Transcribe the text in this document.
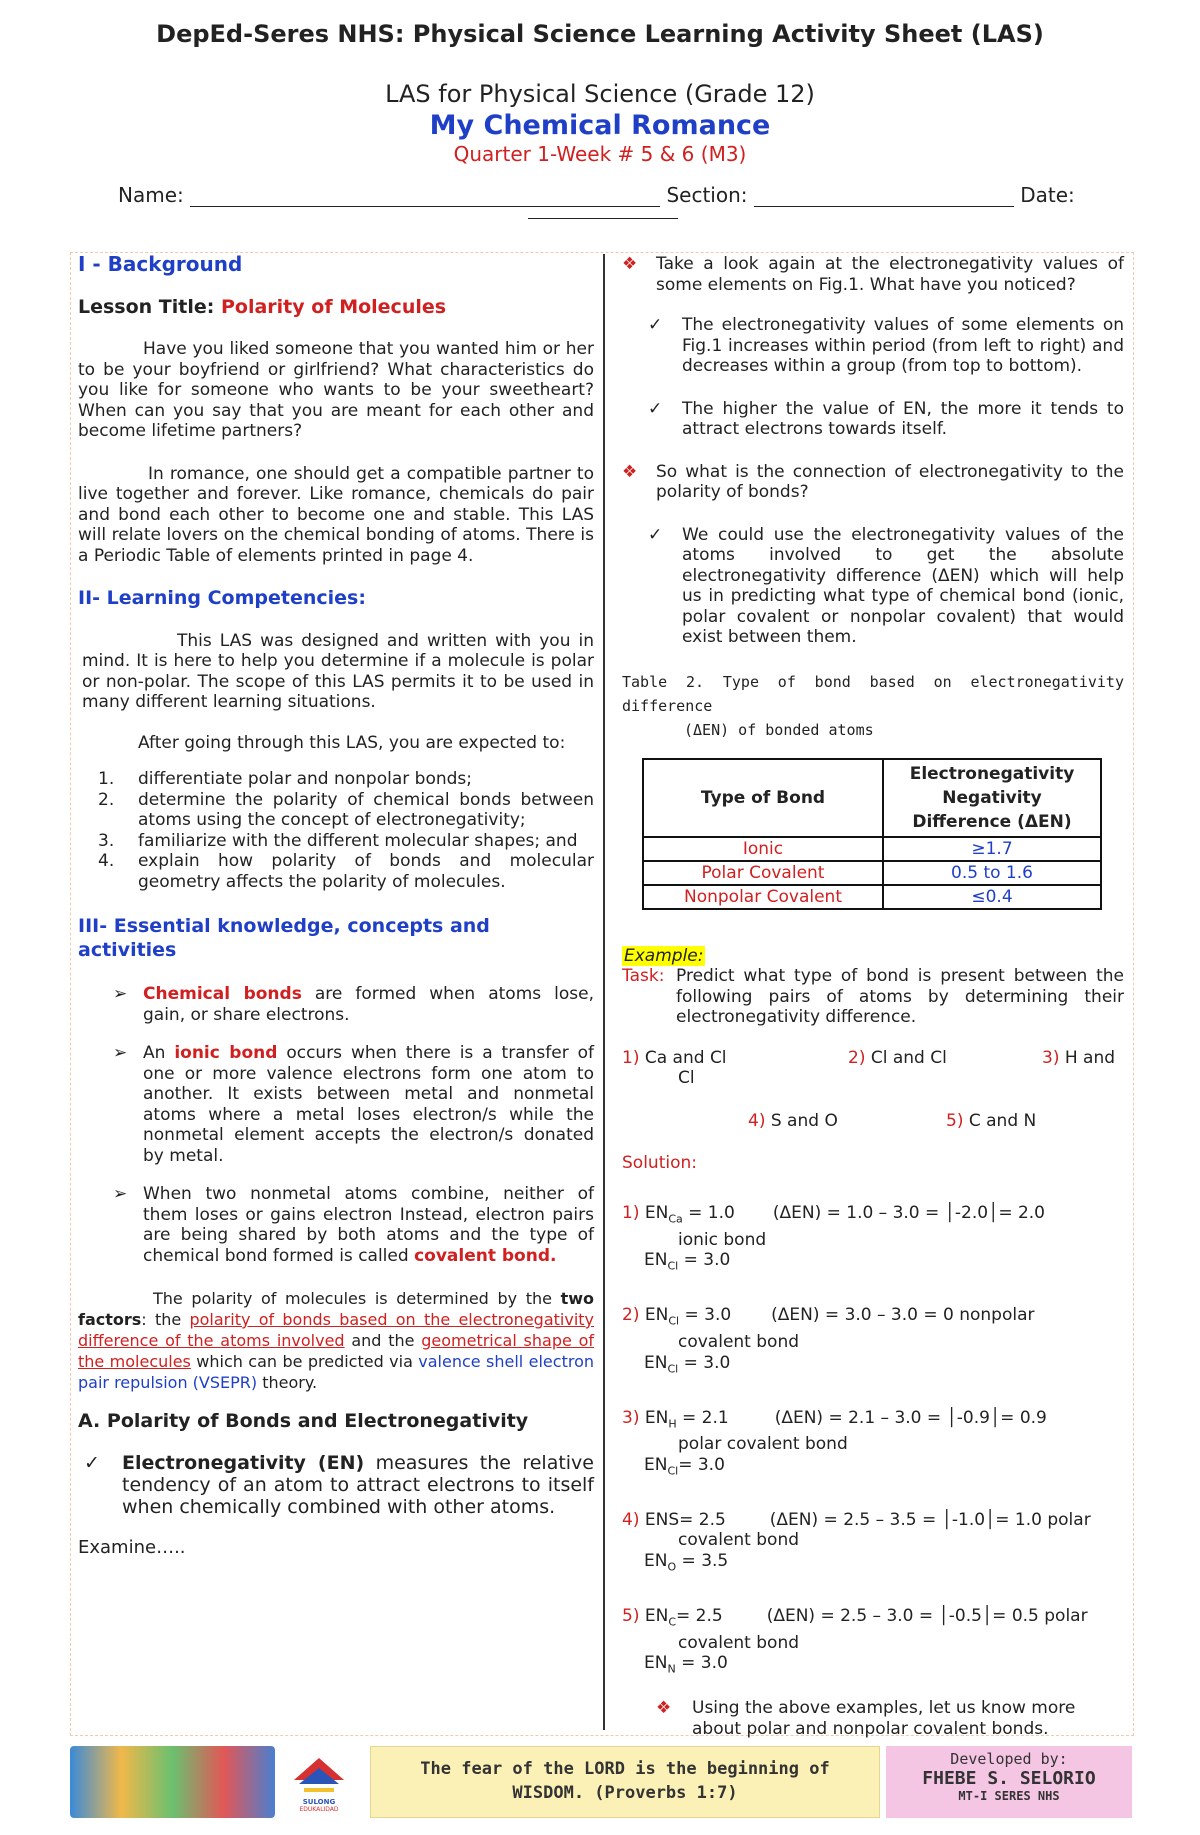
DepEd-Seres NHS: Physical Science Learning Activity Sheet (LAS)
LAS for Physical Science (Grade 12)
My Chemical Romance
Quarter 1-Week # 5 & 6 (M3)
Name:	Section:	Date:
I - Background
Lesson Title: Polarity of Molecules

Have you liked someone that you wanted him or her to be your boyfriend or girlfriend? What characteristics do you like for someone who wants to be your sweetheart? When can you say that you are meant for each other and become lifetime partners?

In romance, one should get a compatible partner to live together and forever. Like romance, chemicals do pair and bond each other to become one and stable. This LAS will relate lovers on the chemical bonding of atoms. There is a Periodic Table of elements printed in page 4.

II- Learning Competencies:

This LAS was designed and written with you in mind. It is here to help you determine if a molecule is polar or non-polar. The scope of this LAS permits it to be used in many different learning situations.

After going through this LAS, you are expected to:

1.	differentiate polar and nonpolar bonds;
2.	determine the polarity of chemical bonds between atoms using the concept of electronegativity;
3.	familiarize with the different molecular shapes; and
4.	explain how polarity of bonds and molecular geometry affects the polarity of molecules.
III- Essential knowledge, concepts and activities
➢ Chemical bonds are formed when atoms lose, gain, or share electrons.
➢ An ionic bond occurs when there is a transfer of one or more valence electrons form one atom to another. It exists between metal and nonmetal atoms where a metal loses electron/s while the nonmetal element accepts the electron/s donated by metal.
➢ When two nonmetal atoms combine, neither of them loses or gains electron Instead, electron pairs are being shared by both atoms and the type of chemical bond formed is called covalent bond.

The polarity of molecules is determined by the two factors: the polarity of bonds based on the electronegativity difference of the atoms involved and the geometrical shape of the molecules which can be predicted via valence shell electron pair repulsion (VSEPR) theory.

A. Polarity of Bonds and Electronegativity
✓	Electronegativity (EN) measures the relative tendency of an atom to attract electrons to itself when chemically combined with other atoms.

Examine…..

❖	Take a look again at the electronegativity values of some elements on Fig.1. What have you noticed?
✓	The electronegativity values of some elements on Fig.1 increases within period (from left to right) and decreases within a group (from top to bottom).
✓	The higher the value of EN, the more it tends to attract electrons towards itself.
❖	So what is the connection of electronegativity to the polarity of bonds?
✓	We could use the electronegativity values of the atoms involved to get the absolute electronegativity difference (ΔEN) which will help us in predicting what type of chemical bond (ionic, polar covalent or nonpolar covalent) that would exist between them.

Table 2. Type of bond based on electronegativity difference

(ΔEN) of bonded atoms

Type of Bond	Electronegativity Negativity Difference (ΔEN)
Ionic	≥1.7
Polar Covalent	0.5 to 1.6
Nonpolar Covalent	≤0.4
Example:
Task: Predict what type of bond is present between the following pairs of atoms by determining their electronegativity difference.
1) Ca and Cl	2) Cl and Cl	3) H and
Cl
4) S and O	5) C and N

Solution:

1) $EN_{Ca} = 1.0$ (ΔEN) = 1.0 – 3.0 = │-2.0│= 2.0
ionic bond
$EN_{Cl} = 3.0$
2) $EN_{Cl} = 3.0$ (ΔEN) = 3.0 – 3.0 = 0 nonpolar
covalent bond
$EN_{Cl} = 3.0$
3) $EN_H = 2.1$	(ΔEN) = 2.1 – 3.0 = │-0.9│= 0.9
polar covalent bond
$EN_{Cl}= 3.0$
4) ENS= 2.5	(ΔEN) = 2.5 – 3.5 = │-1.0│= 1.0 polar
covalent bond
$EN_O = 3.5$
5) $EN_C= 2.5$	(ΔEN) = 2.5 – 3.0 = │-0.5│= 0.5 polar
covalent bond
$EN_N = 3.0$
❖	Using the above examples, let us know more about polar and nonpolar covalent bonds.
SULONG
EDUKALIDAD
The fear of the LORD is the beginning of
WISDOM. (Proverbs 1:7)
Developed by:
FHEBE S. SELORIO
MT-I SERES NHS
